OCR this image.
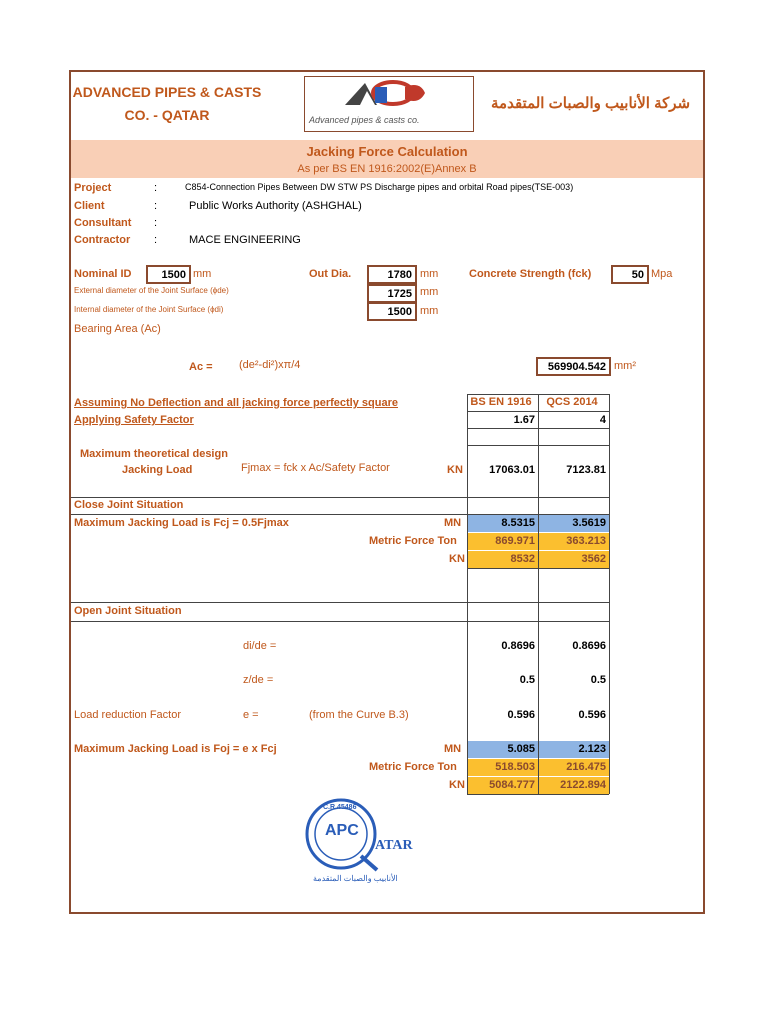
ADVANCED PIPES & CASTS
CO. - QATAR	Advanced pipes & casts co.
شركة الأنابيب والصبات المتقدمة
Jacking Force Calculation
As per BS EN 1916:2002(E)Annex B
Project	:	C854-Connection Pipes Between DW STW PS Discharge pipes and orbital Road pipes(TSE-003)
Client	:	Public Works Authority (ASHGHAL)
Consultant :
Contractor :	MACE ENGINEERING
Nominal ID	1500 mm	Out Dia.	1780 mm	Concrete Strength (fck)	50 Mpa
External diameter of the Joint Surface (ϕde)	1725 mm
Internal diameter of the Joint Surface (ϕdi)	1500 mm
Bearing Area (Ac)
Ac = (de²-di²)xπ/4	569904.542 mm²
Assuming No Deflection and all jacking force perfectly square
Applying Safety Factor
BS EN 1916	QCS 2014
1.67	4
Maximum theoretical design
Jacking Load	Fjmax = fck x Ac/Safety Factor	KN	17063.01	7123.81
Close Joint Situation
Maximum Jacking Load is Fcj = 0.5Fjmax	MN	8.5315	3.5619
Metric Force Ton	869.971	363.213
KN	8532	3562
Open Joint Situation
di/de =	0.8696	0.8696
z/de =	0.5	0.5
Load reduction Factor	e =	(from the Curve B.3)	0.596	0.596
Maximum Jacking Load is Foj = e x Fcj	MN	5.085	2.123
Metric Force Ton	518.503	216.475
KN	5084.777	2122.894
C.R.45486
APC
ATAR
الأنابيب والصبات المتقدمة
